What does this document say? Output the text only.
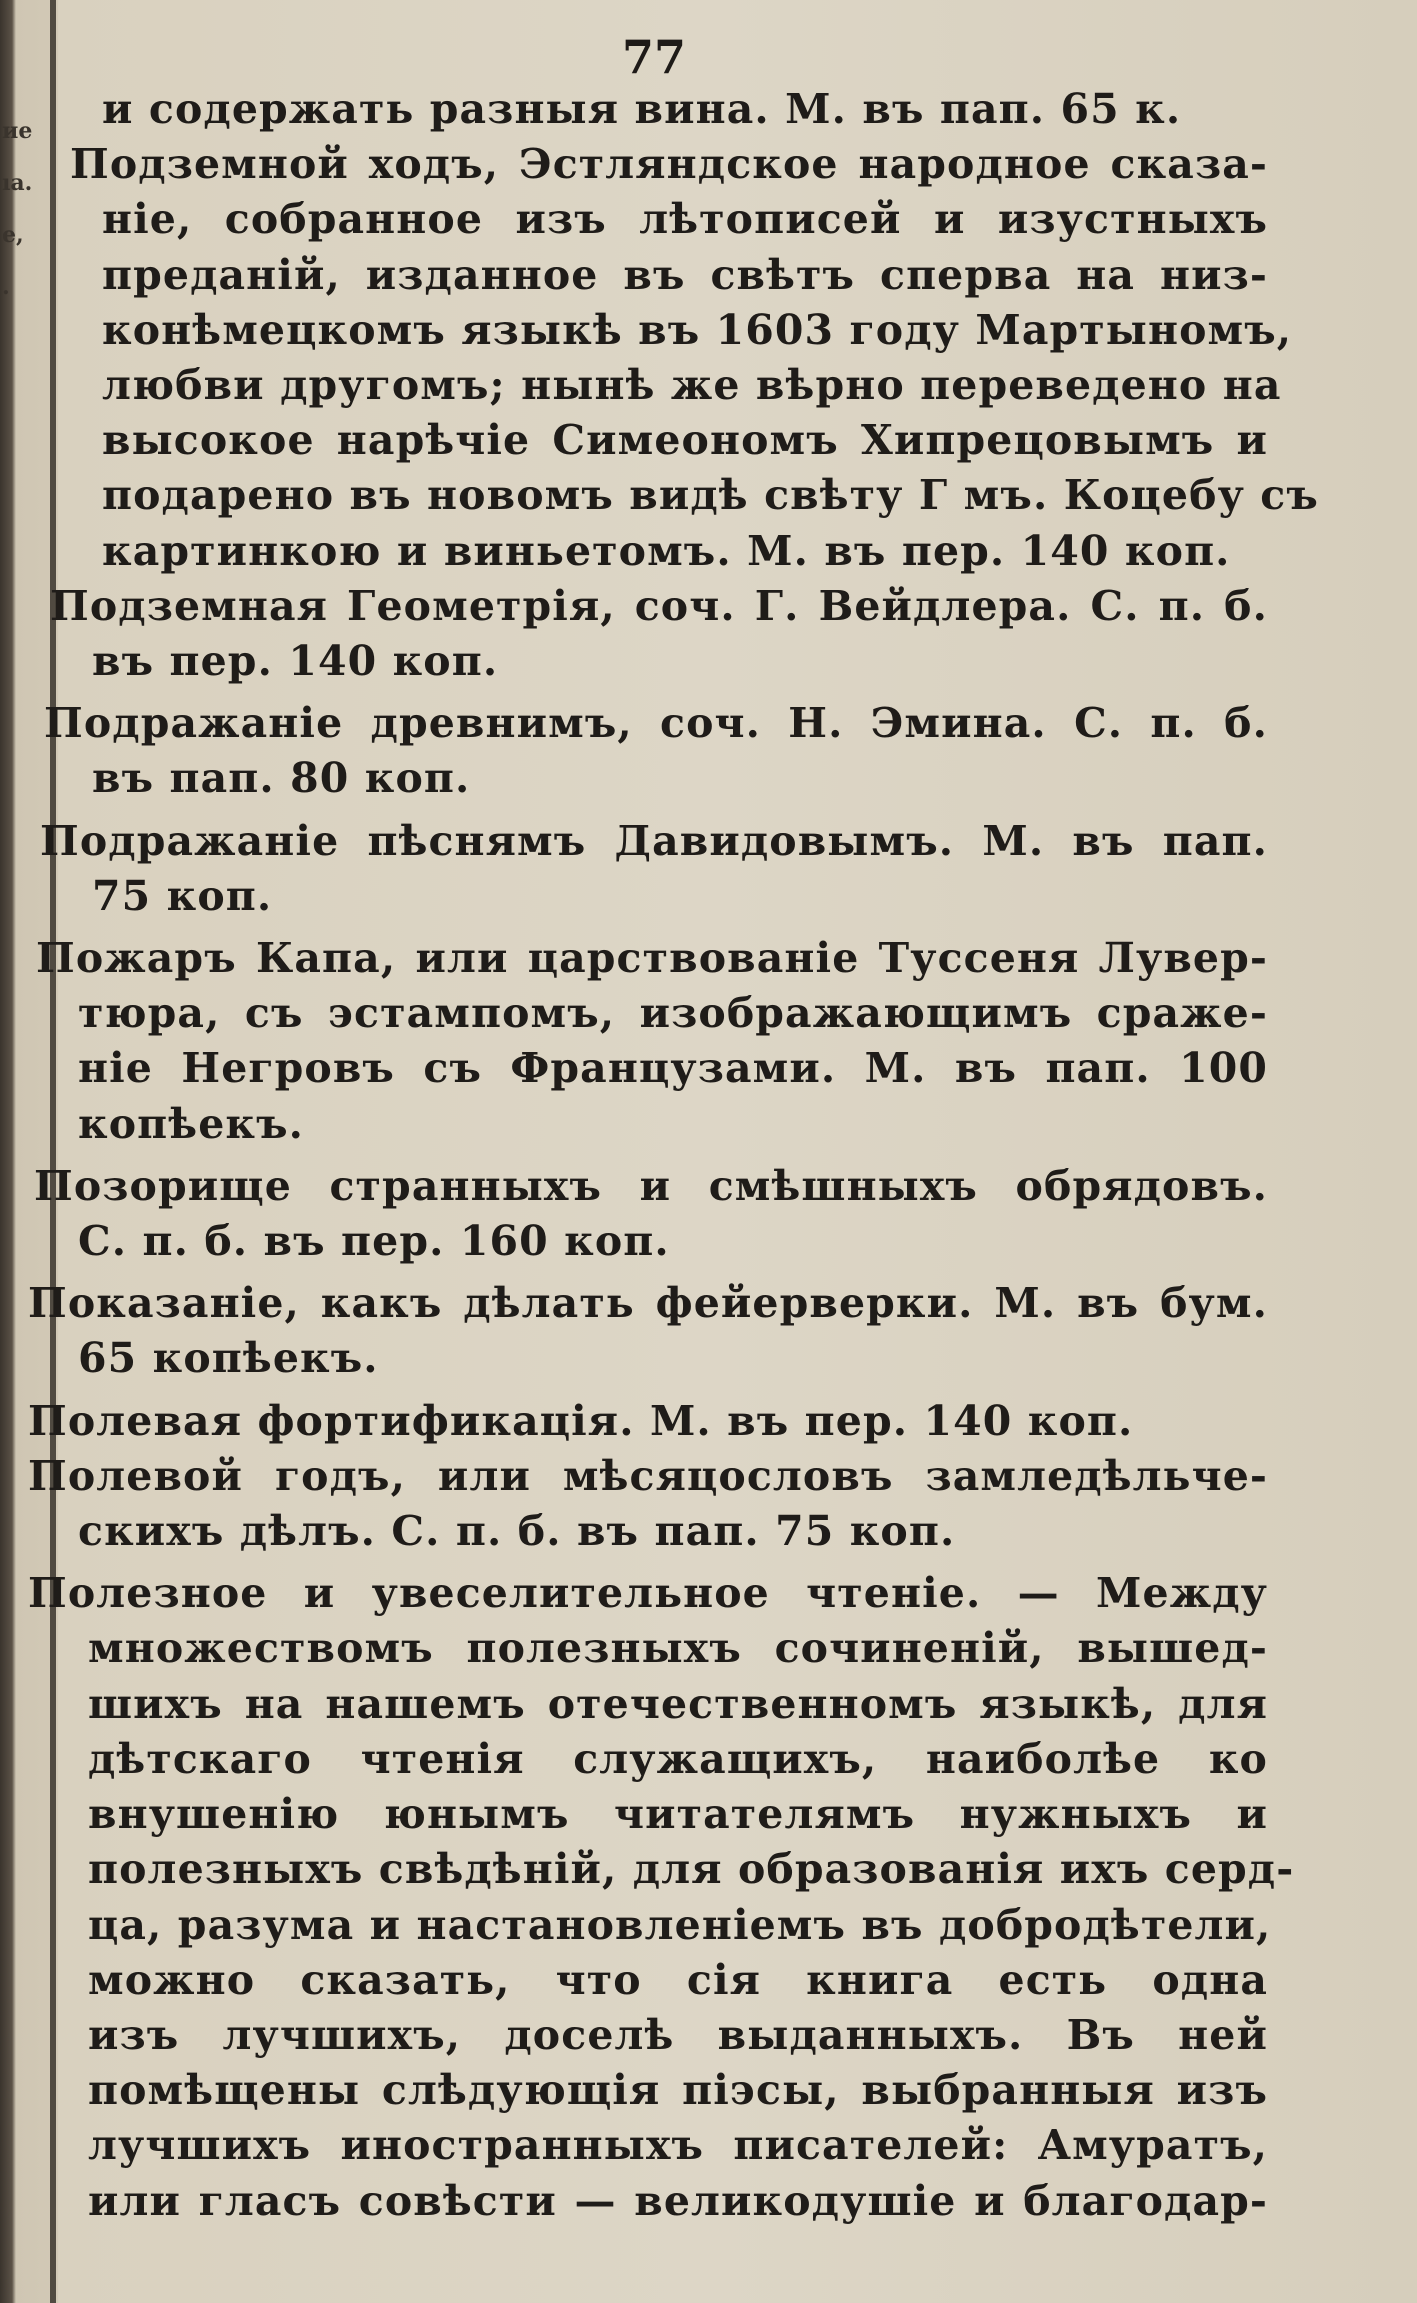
ие
ıa.
е,
.
77
и содержать разныя вина. М. въ пап. 65 к.
Подземной ходъ, Эстляндское народное сказа-
ніе, собранное изъ лѣтописей и изустныхъ
преданій, изданное въ свѣтъ сперва на низ-
конѣмецкомъ языкѣ въ 1603 году Мартыномъ,
любви другомъ; нынѣ же вѣрно переведено на
высокое нарѣчіе Симеономъ Хипрецовымъ и
подарено въ новомъ видѣ свѣту Г мъ. Коцебу съ
картинкою и виньетомъ. М. въ пер. 140 коп.
Подземная Геометрія, соч. Г. Вейдлера. С. п. б.
въ пер. 140 коп.
Подражаніе древнимъ, соч. Н. Эмина. С. п. б.
въ пап. 80 коп.
Подражаніе пѣснямъ Давидовымъ. М. въ пап.
75 коп.
Пожаръ Капа, или царствованіе Туссеня Лувер-
тюра, съ эстампомъ, изображающимъ сраже-
ніе Негровъ съ Французами. М. въ пап. 100
копѣекъ.
Позорище странныхъ и смѣшныхъ обрядовъ.
С. п. б. въ пер. 160 коп.
Показаніе, какъ дѣлать фейерверки. М. въ бум.
65 копѣекъ.
Полевая фортификація. М. въ пер. 140 коп.
Полевой годъ, или мѣсяцословъ замледѣльче-
скихъ дѣлъ. С. п. б. въ пап. 75 коп.
Полезное и увеселительное чтеніе. — Между
множествомъ полезныхъ сочиненій, вышед-
шихъ на нашемъ отечественномъ языкѣ, для
дѣтскаго чтенія служащихъ, наиболѣе ко
внушенію юнымъ читателямъ нужныхъ и
полезныхъ свѣдѣній, для образованія ихъ серд-
ца, разума и настановленіемъ въ добродѣтели,
можно сказать, что сія книга есть одна
изъ лучшихъ, доселѣ выданныхъ. Въ ней
помѣщены слѣдующія піэсы, выбранныя изъ
лучшихъ иностранныхъ писателей: Амуратъ,
или гласъ совѣсти — великодушіе и благодар-
